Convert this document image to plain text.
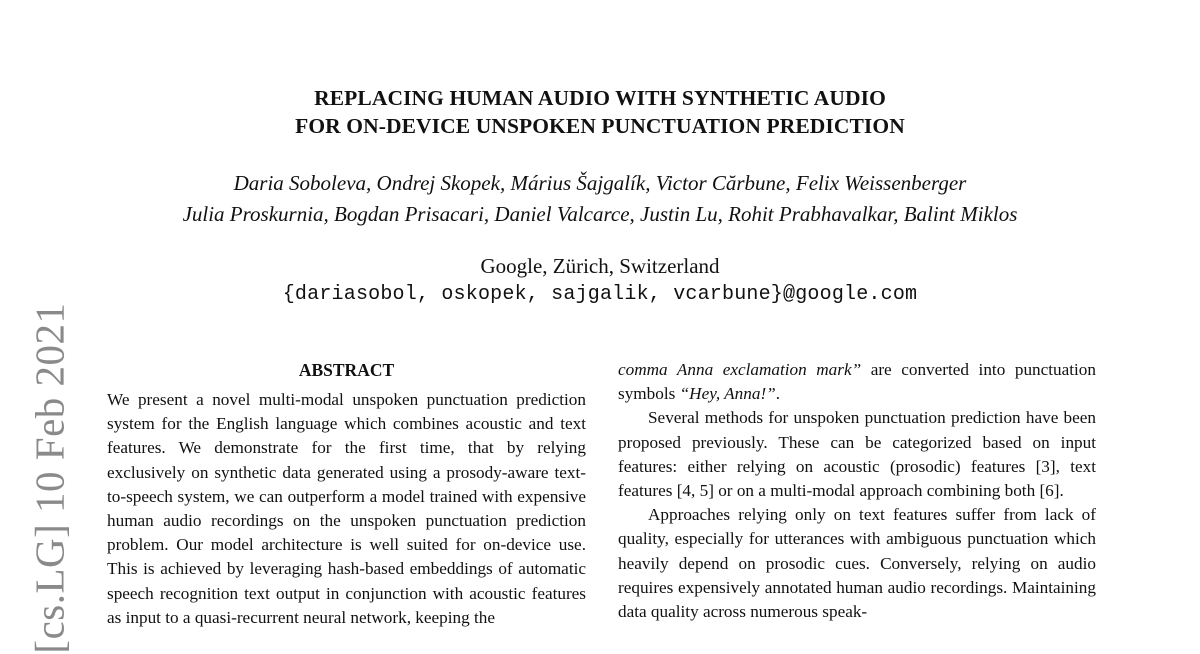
[cs.LG] 10 Feb 2021
REPLACING HUMAN AUDIO WITH SYNTHETIC AUDIO
FOR ON-DEVICE UNSPOKEN PUNCTUATION PREDICTION
Daria Soboleva, Ondrej Skopek, Márius Šajgalík, Victor Cărbune, Felix Weissenberger
Julia Proskurnia, Bogdan Prisacari, Daniel Valcarce, Justin Lu, Rohit Prabhavalkar, Balint Miklos
Google, Zürich, Switzerland
{dariasobol, oskopek, sajgalik, vcarbune}@google.com
ABSTRACT

We present a novel multi-modal unspoken punctuation prediction system for the English language which combines acoustic and text features. We demonstrate for the first time, that by relying exclusively on synthetic data generated using a prosody-aware text-to-speech system, we can outperform a model trained with expensive human audio recordings on the unspoken punctuation prediction problem. Our model architecture is well suited for on-device use. This is achieved by leveraging hash-based embeddings of automatic speech recognition text output in conjunction with acoustic features as input to a quasi-recurrent neural network, keeping the

comma Anna exclamation mark” are converted into punctuation symbols “Hey, Anna!”.

Several methods for unspoken punctuation prediction have been proposed previously. These can be categorized based on input features: either relying on acoustic (prosodic) features [3], text features [4, 5] or on a multi-modal approach combining both [6].

Approaches relying only on text features suffer from lack of quality, especially for utterances with ambiguous punctuation which heavily depend on prosodic cues. Conversely, relying on audio requires expensively annotated human audio recordings. Maintaining data quality across numerous speak-
